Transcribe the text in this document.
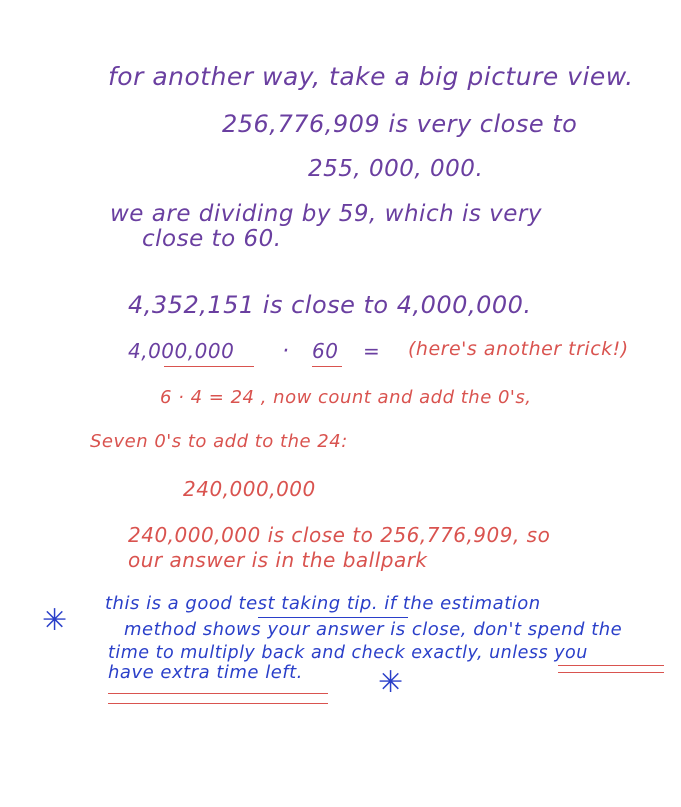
for another way, take a big picture view.
256,776,909 is very close to
255, 000, 000.
we are dividing by 59, which is very
close to 60.
4,352,151 is close to 4,000,000.
4,000,000 · 60 = (here's another trick!)
6 · 4 = 24 , now count and add the 0's,
Seven 0's to add to the 24:
240,000,000
240,000,000 is close to 256,776,909, so
our answer is in the ballpark
✳ this is a good test taking tip. if the estimation
method shows your answer is close, don't spend the
time to multiply back and check exactly, unless you
have extra time left.	✳
